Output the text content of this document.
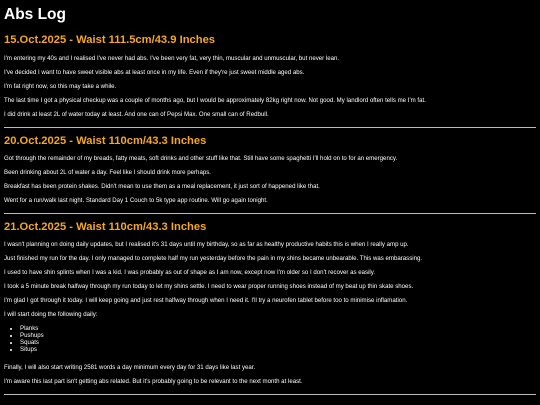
Abs Log
15.Oct.2025 - Waist 111.5cm/43.9 Inches

I'm entering my 40s and I realised I've never had abs. I've been very fat, very thin, muscular and unmuscular, but never lean.

I've decided I want to have sweet visible abs at least once in my life. Even if they're just sweet middle aged abs.

I'm fat right now, so this may take a while.

The last time I got a physical checkup was a couple of months ago, but I would be approximately 82kg right now. Not good. My landlord often tells me I'm fat.

I did drink at least 2L of water today at least. And one can of Pepsi Max. One small can of Redbull.

20.Oct.2025 - Waist 110cm/43.3 Inches

Got through the remainder of my breads, fatty meats, soft drinks and other stuff like that. Still have some spaghetti I'll hold on to for an emergency.

Been drinking about 2L of water a day. Feel like I should drink more perhaps.

Breakfast has been protein shakes. Didn't mean to use them as a meal replacement, it just sort of happened like that.

Went for a run/walk last night. Standard Day 1 Couch to 5k type app routine. Will go again tonight.

21.Oct.2025 - Waist 110cm/43.3 Inches

I wasn't planning on doing daily updates, but I realised it's 31 days until my birthday, so as far as healthy productive habits this is when I really amp up.

Just finished my run for the day. I only managed to complete half my run yesterday before the pain in my shins became unbearable. This was embarassing.

I used to have shin splints when I was a kid. I was probably as out of shape as I am now, except now I'm older so I don't recover as easily.

I took a 5 minute break halfway through my run today to let my shins settle. I need to wear proper running shoes instead of my beat up thin skate shoes.

I'm glad I got through it today. I will keep going and just rest halfway through when I need it. I'll try a neurofen tablet before too to minimise inflamation.

I will start doing the following daily:

Planks
Pushups
Squats
Situps

Finally, I will also start writing 2581 words a day minimum every day for 31 days like last year.

I'm aware this last part isn't getting abs related. But it's probably going to be relevant to the next month at least.
